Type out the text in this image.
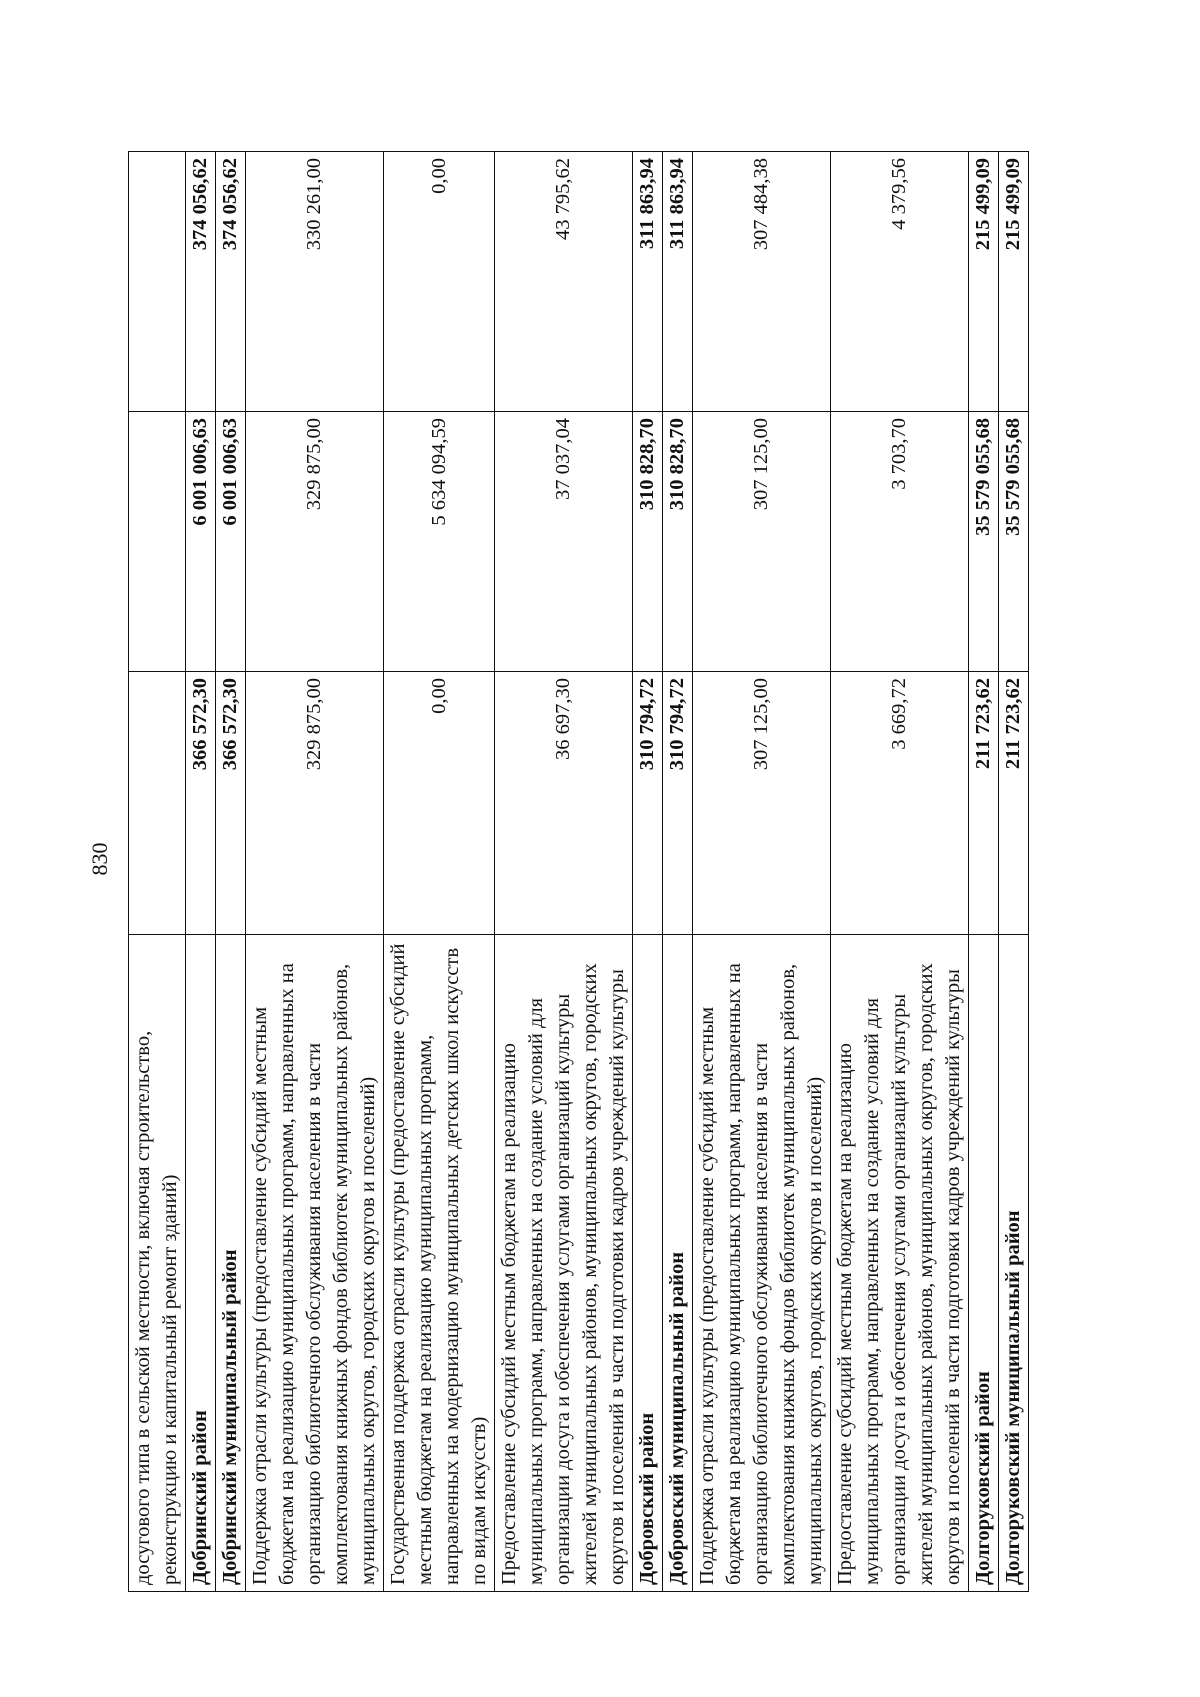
830
досугового типа в сельской местности, включая строительство, реконструкцию и капитальный ремонт зданий)			
Добринский район	366 572,30	6 001 006,63	374 056,62
Добринский муниципальный район	366 572,30	6 001 006,63	374 056,62
Поддержка отрасли культуры (предоставление субсидий местным бюджетам на реализацию муниципальных программ, направленных на организацию библиотечного обслуживания населения в части комплектования книжных фондов библиотек муниципальных районов, муниципальных округов, городских округов и поселений)	329 875,00	329 875,00	330 261,00
Государственная поддержка отрасли культуры (предоставление субсидий местным бюджетам на реализацию муниципальных программ, направленных на модернизацию муниципальных детских школ искусств по видам искусств)	0,00	5 634 094,59	0,00
Предоставление субсидий местным бюджетам на реализацию муниципальных программ, направленных на создание условий для организации досуга и обеспечения услугами организаций культуры жителей муниципальных районов, муниципальных округов, городских округов и поселений в части подготовки кадров учреждений культуры	36 697,30	37 037,04	43 795,62
Добровский район	310 794,72	310 828,70	311 863,94
Добровский муниципальный район	310 794,72	310 828,70	311 863,94
Поддержка отрасли культуры (предоставление субсидий местным бюджетам на реализацию муниципальных программ, направленных на организацию библиотечного обслуживания населения в части комплектования книжных фондов библиотек муниципальных районов, муниципальных округов, городских округов и поселений)	307 125,00	307 125,00	307 484,38
Предоставление субсидий местным бюджетам на реализацию муниципальных программ, направленных на создание условий для организации досуга и обеспечения услугами организаций культуры жителей муниципальных районов, муниципальных округов, городских округов и поселений в части подготовки кадров учреждений культуры	3 669,72	3 703,70	4 379,56
Долгоруковский район	211 723,62	35 579 055,68	215 499,09
Долгоруковский муниципальный район	211 723,62	35 579 055,68	215 499,09
